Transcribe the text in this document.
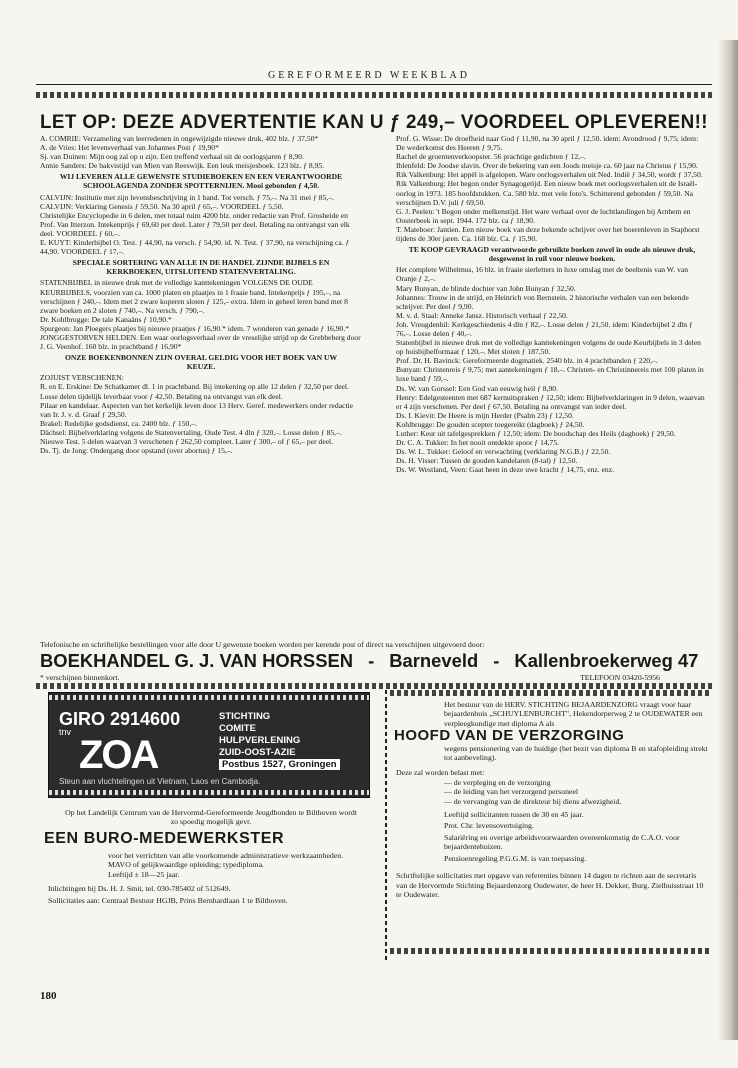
GEREFORMEERD WEEKBLAD
LET OP: DEZE ADVERTENTIE KAN U ƒ 249,– VOORDEEL OPLEVEREN!!

A. COMRIE: Verzameling van leerredenen in ongewijzigde nieuwe druk, 402 blz. ƒ 37,50*

A. de Vries: Het levensverhaal van Johannes Post ƒ 19,90*

Sj. van Duinen: Mijn oog zal op u zijn. Een treffend verhaal uit de oorlogsjaren ƒ 8,90.

Annie Sanders: De bakvistijd van Mien van Reeswijk. Een leuk meisjesboek. 123 blz. ƒ 8,95.

WIJ LEVEREN ALLE GEWENSTE STUDIEBOEKEN EN EEN VERANTWOORDE SCHOOLAGENDA ZONDER SPOTTERNIJEN. Mooi gebonden ƒ 4,50.

CALVIJN: Institutie met zijn levensbeschrijving in 1 band. Tot versch. ƒ 75,–. Na 31 mei ƒ 85,–.

CALVIJN: Verklaring Genesis ƒ 59,50. Na 30 april ƒ 65,–. VOORDEEL ƒ 5,50.

Christelijke Encyclopedie in 6 delen, met totaal ruim 4200 blz. onder redactie van Prof. Grosheide en Prof. Van Itterzon. Intekenprijs ƒ 69,60 per deel. Later ƒ 79,50 per deel. Betaling na ontvangst van elk deel. VOORDEEL ƒ 60,–.

E. KUYT: Kinderbijbel O. Test. ƒ 44,90, na versch. ƒ 54,90. id. N. Test. ƒ 37,90, na verschijning ca. ƒ 44,90. VOORDEEL ƒ 17,–.

SPECIALE SORTERING VAN ALLE IN DE HANDEL ZIJNDE BIJBELS EN KERKBOEKEN, UITSLUITEND STATENVERTALING.

STATENBIJBEL in nieuwe druk met de volledige kanttekeningen VOLGENS DE OUDE KEURBIJBELS, voorzien van ca. 1000 platen en plaatjes in 1 fraaie band. Intekenprijs ƒ 195,–, na verschijnen ƒ 240,–. Idem met 2 zware koperen sloten ƒ 125,– extra. Idem in geheel leren band met 8 zware boeken en 2 sloten ƒ 740,–. Na versch. ƒ 790,–.

Dr. Kohlbrugge: De tale Kanaäns ƒ 10,90.*

Spurgeon: Jan Ploegers plaatjes bij nieuwe praatjes ƒ 16,90.* idem. 7 wonderen van genade ƒ 16,90.*

JONGGESTORVEN HELDEN. Een waar oorlogsverhaal over de vreselijke strijd op de Grebbeberg door J. G. Veenhof. 160 blz. in prachtband ƒ 16,90*

ONZE BOEKENBONNEN ZIJN OVERAL GELDIG VOOR HET BOEK VAN UW KEUZE.

ZOJUIST VERSCHENEN:

R. en E. Erskine: De Schatkamer dl. 1 in prachtband. Bij intekening op alle 12 delen ƒ 32,50 per deel. Losse delen tijdelijk leverbaar voor ƒ 42,50. Betaling na ontvangst van elk deel.

Pilaar en kandelaar. Aspecten van het kerkelijk leven door 13 Herv. Geref. medewerkers onder redactie van Ir. J. v. d. Graaf ƒ 29,50.

Brakel: Redelijke godsdienst, ca. 2400 blz. ƒ 150,–.

Dächsel: Bijbelverklaring volgens de Statenvertaling. Oude Test. 4 dln ƒ 320,–. Losse delen ƒ 85,–. Nieuwe Test. 5 delen waarvan 3 verschenen ƒ 262,50 compleet. Later ƒ 300,– of ƒ 65,– per deel.

Ds. Tj. de Jong: Ondergang door opstand (over abortus) ƒ 15,–.

Prof. G. Wisse: De droefheid naar God ƒ 11,90, na 30 april ƒ 12,50. idem: Avondrood ƒ 9,75; idem: De wederkomst des Heeren ƒ 9,75.

Rachel de groentenverkoopster. 56 prachtige gedichten ƒ 12,–.

Ihlenfeld: De Joodse slavin. Over de bekering van een Joods meisje ca. 60 jaar na Christus ƒ 15,90.

Rik Valkenburg: Het appèl is afgelopen. Ware oorlogsverhalen uit Ned. Indië ƒ 34,50, wordt ƒ 37,50.

Rik Valkenburg: Het begon onder Synagogetijd. Een nieuw boek met oorlogsverhalen uit de Israël-oorlog in 1973. 185 hoofdstukken. Ca. 580 blz. met vele foto's. Schitterend gebonden ƒ 59,50. Na verschijnen D.V. juli ƒ 69,50.

G. J. Peelen: 't Begon onder melkenstijd. Het ware verhaal over de luchtlandingen bij Arnhem en Oosterbeek in sept. 1944. 172 blz. ca ƒ 18,90.

T. Mateboer: Jantien. Een nieuw boek van deze bekende schrijver over het boerenleven in Staphorst tijdens de 30er jaren. Ca. 168 blz. Ca. ƒ 15,90.

TE KOOP GEVRAAGD verantwoorde gebruikte boeken zowel in oude als nieuwe druk, desgewenst in ruil voor nieuwe boeken.

Het complete Wilhelmus, 16 blz. in fraaie sierletters in luxe omslag met de beeltenis van W. van Oranje ƒ 2,–.

Mary Bunyan, de blinde dochter van John Bunyan ƒ 32,50.

Johannes: Trouw in de strijd, en Heinrich von Bernstein. 2 historische verhalen van een bekende schrijver. Per deel ƒ 9,90.

M. v. d. Staal: Anneke Jansz. Historisch verhaal ƒ 22,50.

Joh. Vreugdenhil: Kerkgeschiedenis 4 dln ƒ 82,–. Losse delen ƒ 21,50. idem: Kinderbijbel 2 dln ƒ 76,–. Losse delen ƒ 40,–.

Statenbijbel in nieuwe druk met de volledige kanttekeningen volgens de oude Keurbijbels in 3 delen op huisbijbelformaat ƒ 120,–. Met sloten ƒ 187,50.

Prof. Dr. H. Bavinck: Gereformeerde dogmatiek. 2540 blz. in 4 prachtbanden ƒ 220,–.

Bunyan: Christenreis ƒ 9,75; met aantekeningen ƒ 18,–. Christen- en Christinnereis met 100 platen in luxe band ƒ 59,–.

Ds. W. van Gorssel: Een God van eeuwig heil ƒ 8,90.

Henry: Edelgesteenten met 687 kernuitspraken ƒ 12,50; idem: Bijbelverklaringen in 9 delen, waarvan er 4 zijn verschenen. Per deel ƒ 67,50. Betaling na ontvangst van ieder deel.

Ds. I. Kievit: De Heere is mijn Herder (Psalm 23) ƒ 12,50.

Kohlbrugge: De gouden scepter toegereikt (dagboek) ƒ 24,50.

Luther: Keur uit tafelgesprekken ƒ 12,50; idem: De boodschap des Heils (dagboek) ƒ 29,50.

Dr. C. A. Tukker: In het nooit ontdekte spoor ƒ 14,75.

Ds. W. L. Tukker: Geloof en verwachting (verklaring N.G.B.) ƒ 22,50.

Ds. H. Visser: Tussen de gouden kandelaren (8-tal) ƒ 12,50.

Ds. W. Westland, Veen: Gaat heen in deze uwe kracht ƒ 14,75, enz. enz.

Telefonische en schriftelijke bestellingen voor alle door U gewenste boeken worden per kerende post of direct na verschijnen uitgevoerd door:
BOEKHANDEL G. J. VAN HORSSEN - Barneveld - Kallenbroekerweg 47
* verschijnen binnenkort.	TELEFOON 03420-5956
GIRO 2914600
tnv
ZOA
STICHTING
COMITE
HULPVERLENING
ZUID-OOST-AZIE
Postbus 1527, Groningen
Steun aan vluchtelingen uit Vietnam, Laos en Cambodja.
Op het Landelijk Centrum van de Hervormd-Gereformeerde Jeugdbonden te Bilthoven wordt zo spoedig mogelijk gevr.
EEN BURO-MEDEWERKSTER
voor het verrichten van alle voorkomende administratieve werkzaamheden.
MAVO of gelijkwaardige opleiding; typediploma.
Leeftijd ± 18—25 jaar.
Inlichtingen bij Ds. H. J. Smit, tel. 030-785402 of 512649.
Sollicitaties aan: Centraal Bestuur HGJB, Prins Bernhardlaan 1 te Bilthoven.
Het bestuur van de HERV. STICHTING BEJAARDENZORG vraagt voor haar bejaardenhuis „SCHUYLENBURCHT", Hekendorperweg 2 te OUDEWATER een verpleegkundige met diploma A als
HOOFD VAN DE VERZORGING
wegens pensionering van de huidige (het bezit van diploma B en stafopleiding strekt tot aanbeveling).
Deze zal worden belast met:
— de verpleging en de verzorging
— de leiding van het verzorgend personeel
— de vervanging van de direkteur bij diens afwezigheid.
Leeftijd sollicitanten tussen de 30 en 45 jaar.
Prot. Chr. levensovertuiging.
Salariëring en overige arbeidsvoorwaarden overeenkomstig de C.A.O. voor bejaardentehuizen.
Pensioenregeling P.G.G.M. is van toepassing.
Schriftelijke sollicitaties met opgave van referenties binnen 14 dagen te richten aan de secretaris van de Hervormde Stichting Bejaardenzorg Oudewater, de heer H. Dekker, Burg. Zielhuisstraat 10 te Oudewater.
180
